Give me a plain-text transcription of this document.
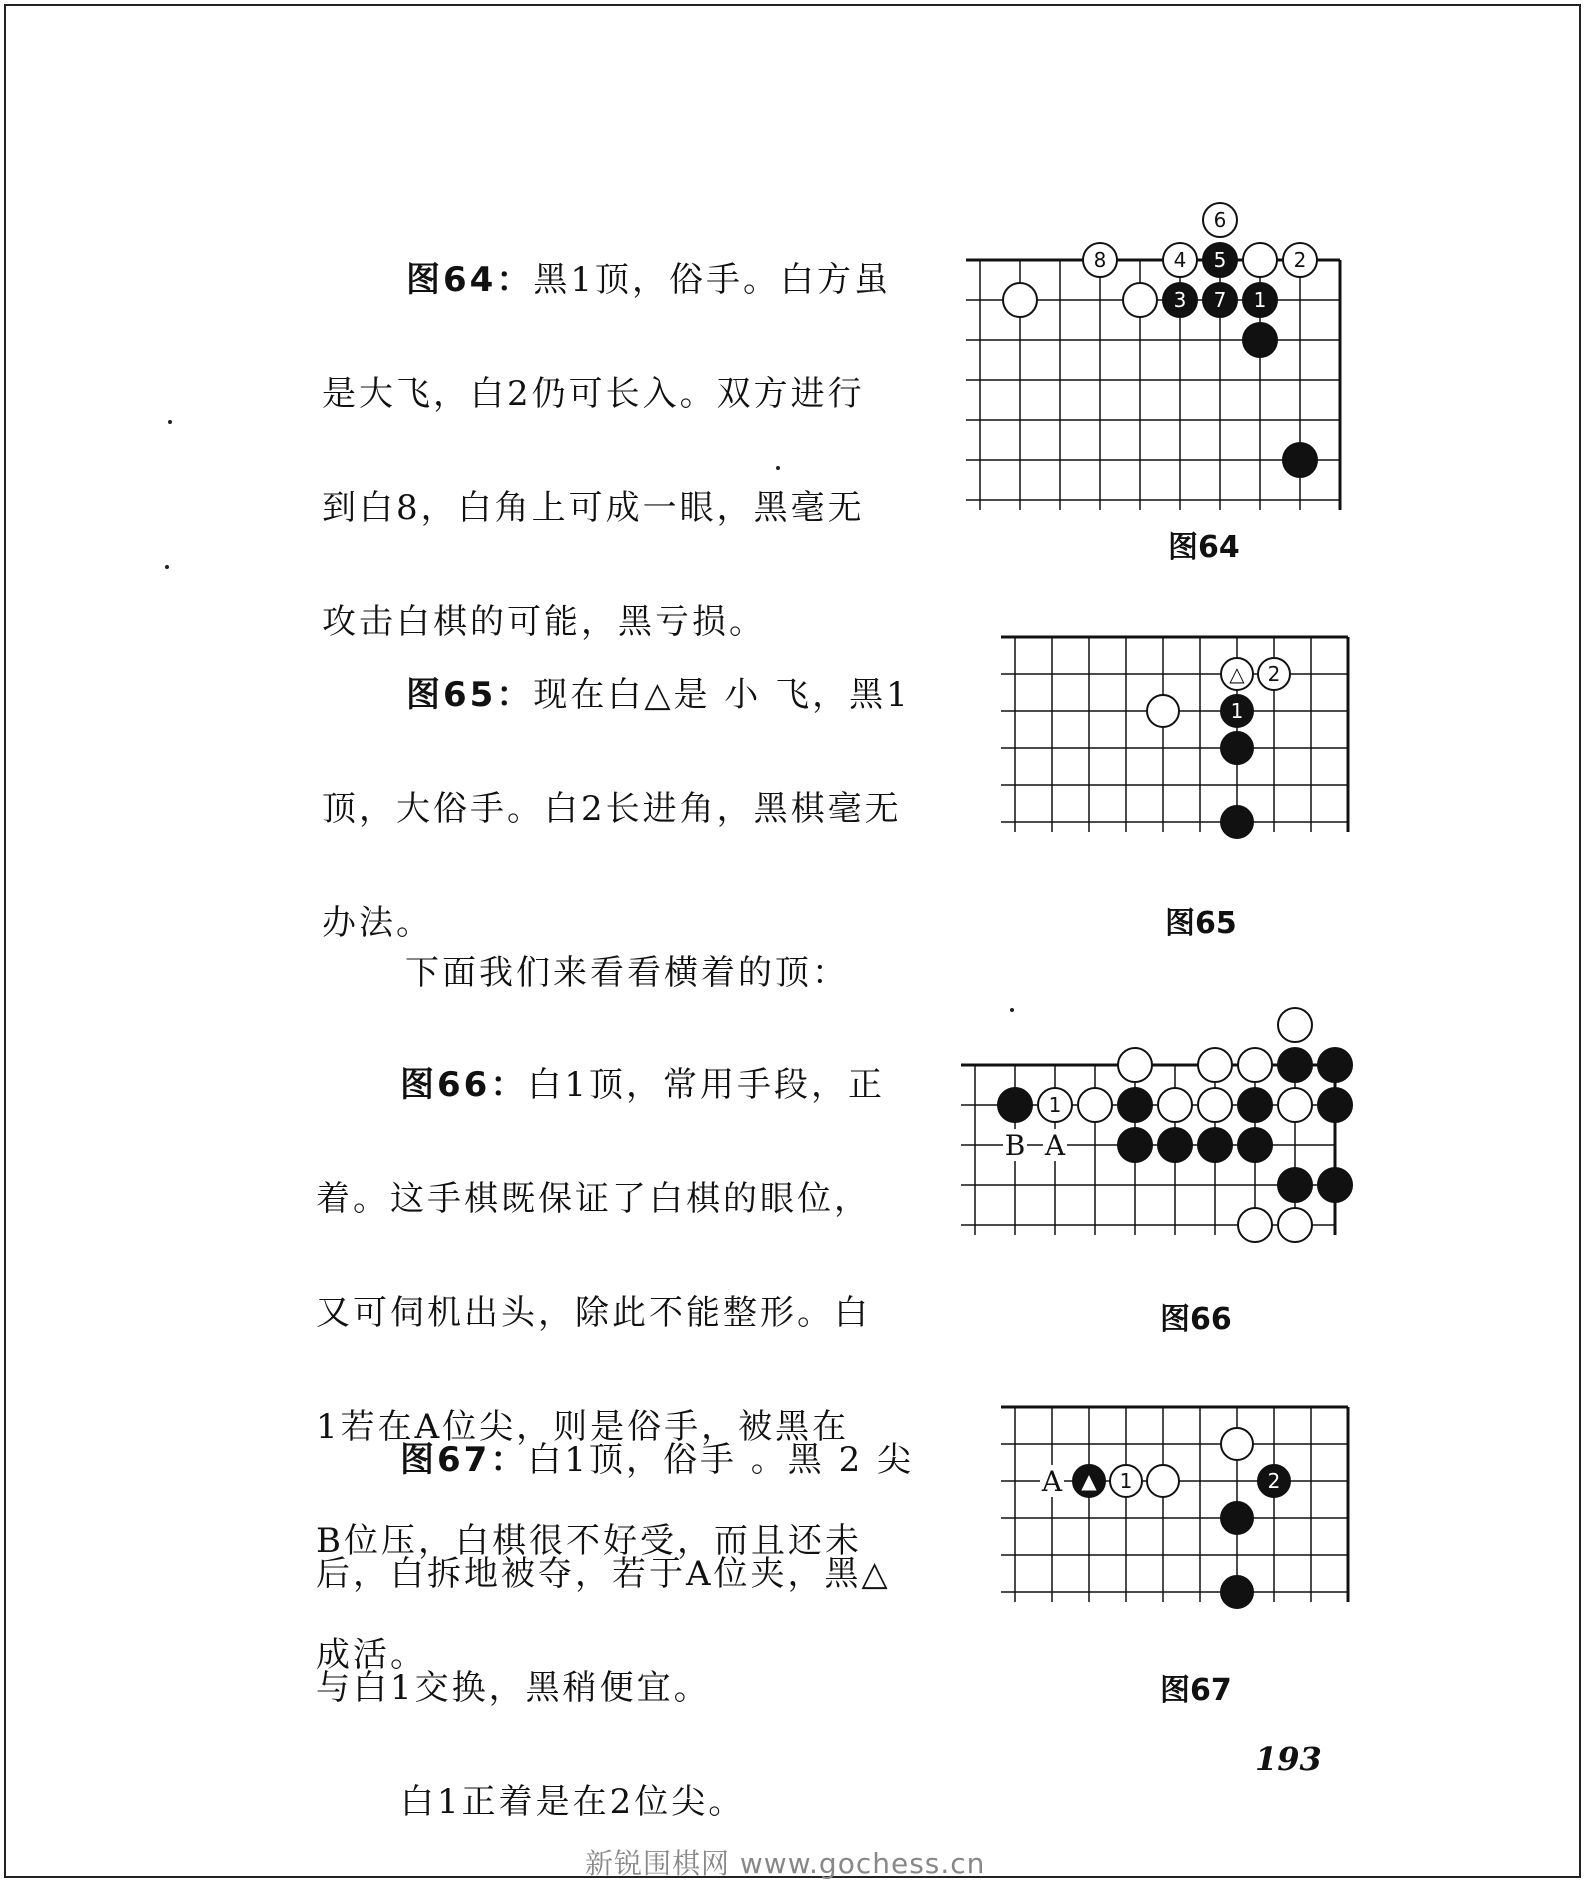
图64：黑1顶，俗手。白方虽

是大飞，白2仍可长入。双方进行

到白8，白角上可成一眼，黑毫无

攻击白棋的可能，黑亏损。

6
8	4 5	2
3 7 1
图64

图65：现在白△是 小 飞，黑1

顶，大俗手。白2长进角，黑棋毫无

办法。

△ 2
1
图65

下面我们来看看横着的顶：

图66：白1顶，常用手段，正

着。这手棋既保证了白棋的眼位，

又可伺机出头，除此不能整形。白

1若在A位尖，则是俗手，被黑在

B位压，白棋很不好受，而且还未

成活。

1
B A
图66

图67：白1顶，俗手 。黑 2 尖

后，白拆地被夺，若于A位夹，黑△

与白1交换，黑稍便宜。

白1正着是在2位尖。

A ▲ 1	2
图67
193
新锐围棋网 www.gochess.cn
